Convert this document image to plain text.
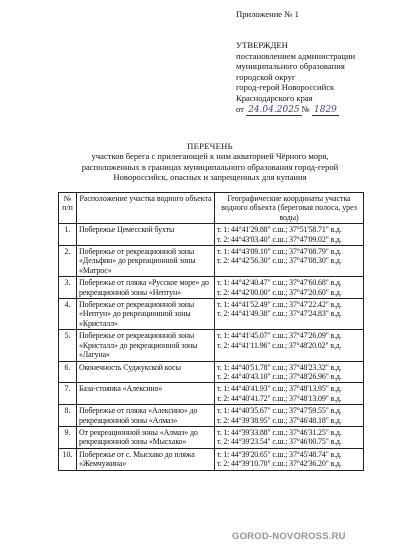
Приложение № 1
УТВЕРЖДЕН
постановлением администрации
муниципального образования
городской округ
город-герой Новороссийск
Краснодарского края
от 24.04.2025 № 1829
ПЕРЕЧЕНЬ
участков берега с прилегающей к ним акваторией Чёрного моря,
расположенных в границах муниципального образования город-герой
Новороссийск, опасных и запрещенных для купания
№ п/п	Расположение участка водного объекта	Географические координаты участка водного объекта (береговая полоса, урез воды)
1.	Побережье Цемесской бухты	т. 1: 44°41'29.88" с.ш.; 37°51'58.71" в.д.
т. 2: 44°43'03.40" с.ш.; 37°47'09.02" в.д.

2.	Побережье от рекреационной зоны «Дельфин» до рекреационной зоны «Матрос»	т. 1: 44°43'09.10" с.ш.; 37°47'08.79" в.д.
т. 2: 44°42'56.30" с.ш.; 37°47'08.30" в.д.

3.	Побережье от пляжа «Русское море» до рекреационной зоны «Нептун»	т. 1: 44°42'40.47" с.ш.; 37°47'60.68" в.д.
т. 2: 44°42'00.00" с.ш.; 37°47'20.60" в.д.

4.	Побережье от рекреационной зоны «Нептун» до рекреационной зоны «Кристалл»	т. 1: 44°41'52.49" с.ш.; 37°47'22.42" в.д.
т. 2: 44°41'49.38" с.ш.; 37°47'24.83" в.д.

5.	Побережье от рекреационной зоны «Кристалл» до рекреационной зоны «Лагуна»	т. 1: 44°41'45.07" с.ш.; 37°47'26.09" в.д.
т. 2: 44°41'11.96" с.ш.; 37°48'20.02" в.д.

6.	Оконечность Суджукской косы	т. 1: 44°40'51.78" с.ш.; 37°48'23.32" в.д.
т. 2: 44°40'43.10" с.ш.; 37°48'26.96" в.д.

7.	База-стоянка «Алексино»	т. 1: 44°40'41.93" с.ш.; 37°48'13.95" в.д.
т. 2: 44°40'41.72" с.ш.; 37°48'13.09" в.д.

8.	Побережье от пляжа «Алексино» до рекреационной зоны «Алмаз»	т. 1: 44°40'35.67" с.ш.; 37°47'59.55" в.д.
т. 2: 44°39'38.95" с.ш.; 37°46'48.18" в.д.

9.	От рекреационной зоны «Алмаз» до рекреационной зоны «Мысхако»	т. 1: 44°39'33.88" с.ш.; 37°46'31.25" в.д.
т. 2: 44°39'23.54" с.ш.; 37°46'00.75" в.д.

10.	Побережье от с. Мысхако до пляжа «Жемчужина»	т. 1: 44°39'20.65" с.ш.; 37°45'48.74" в.д.
т. 2: 44°39'10.70" с.ш.; 37°42'36.20" в.д.
GOROD-NOVOROSS.RU
